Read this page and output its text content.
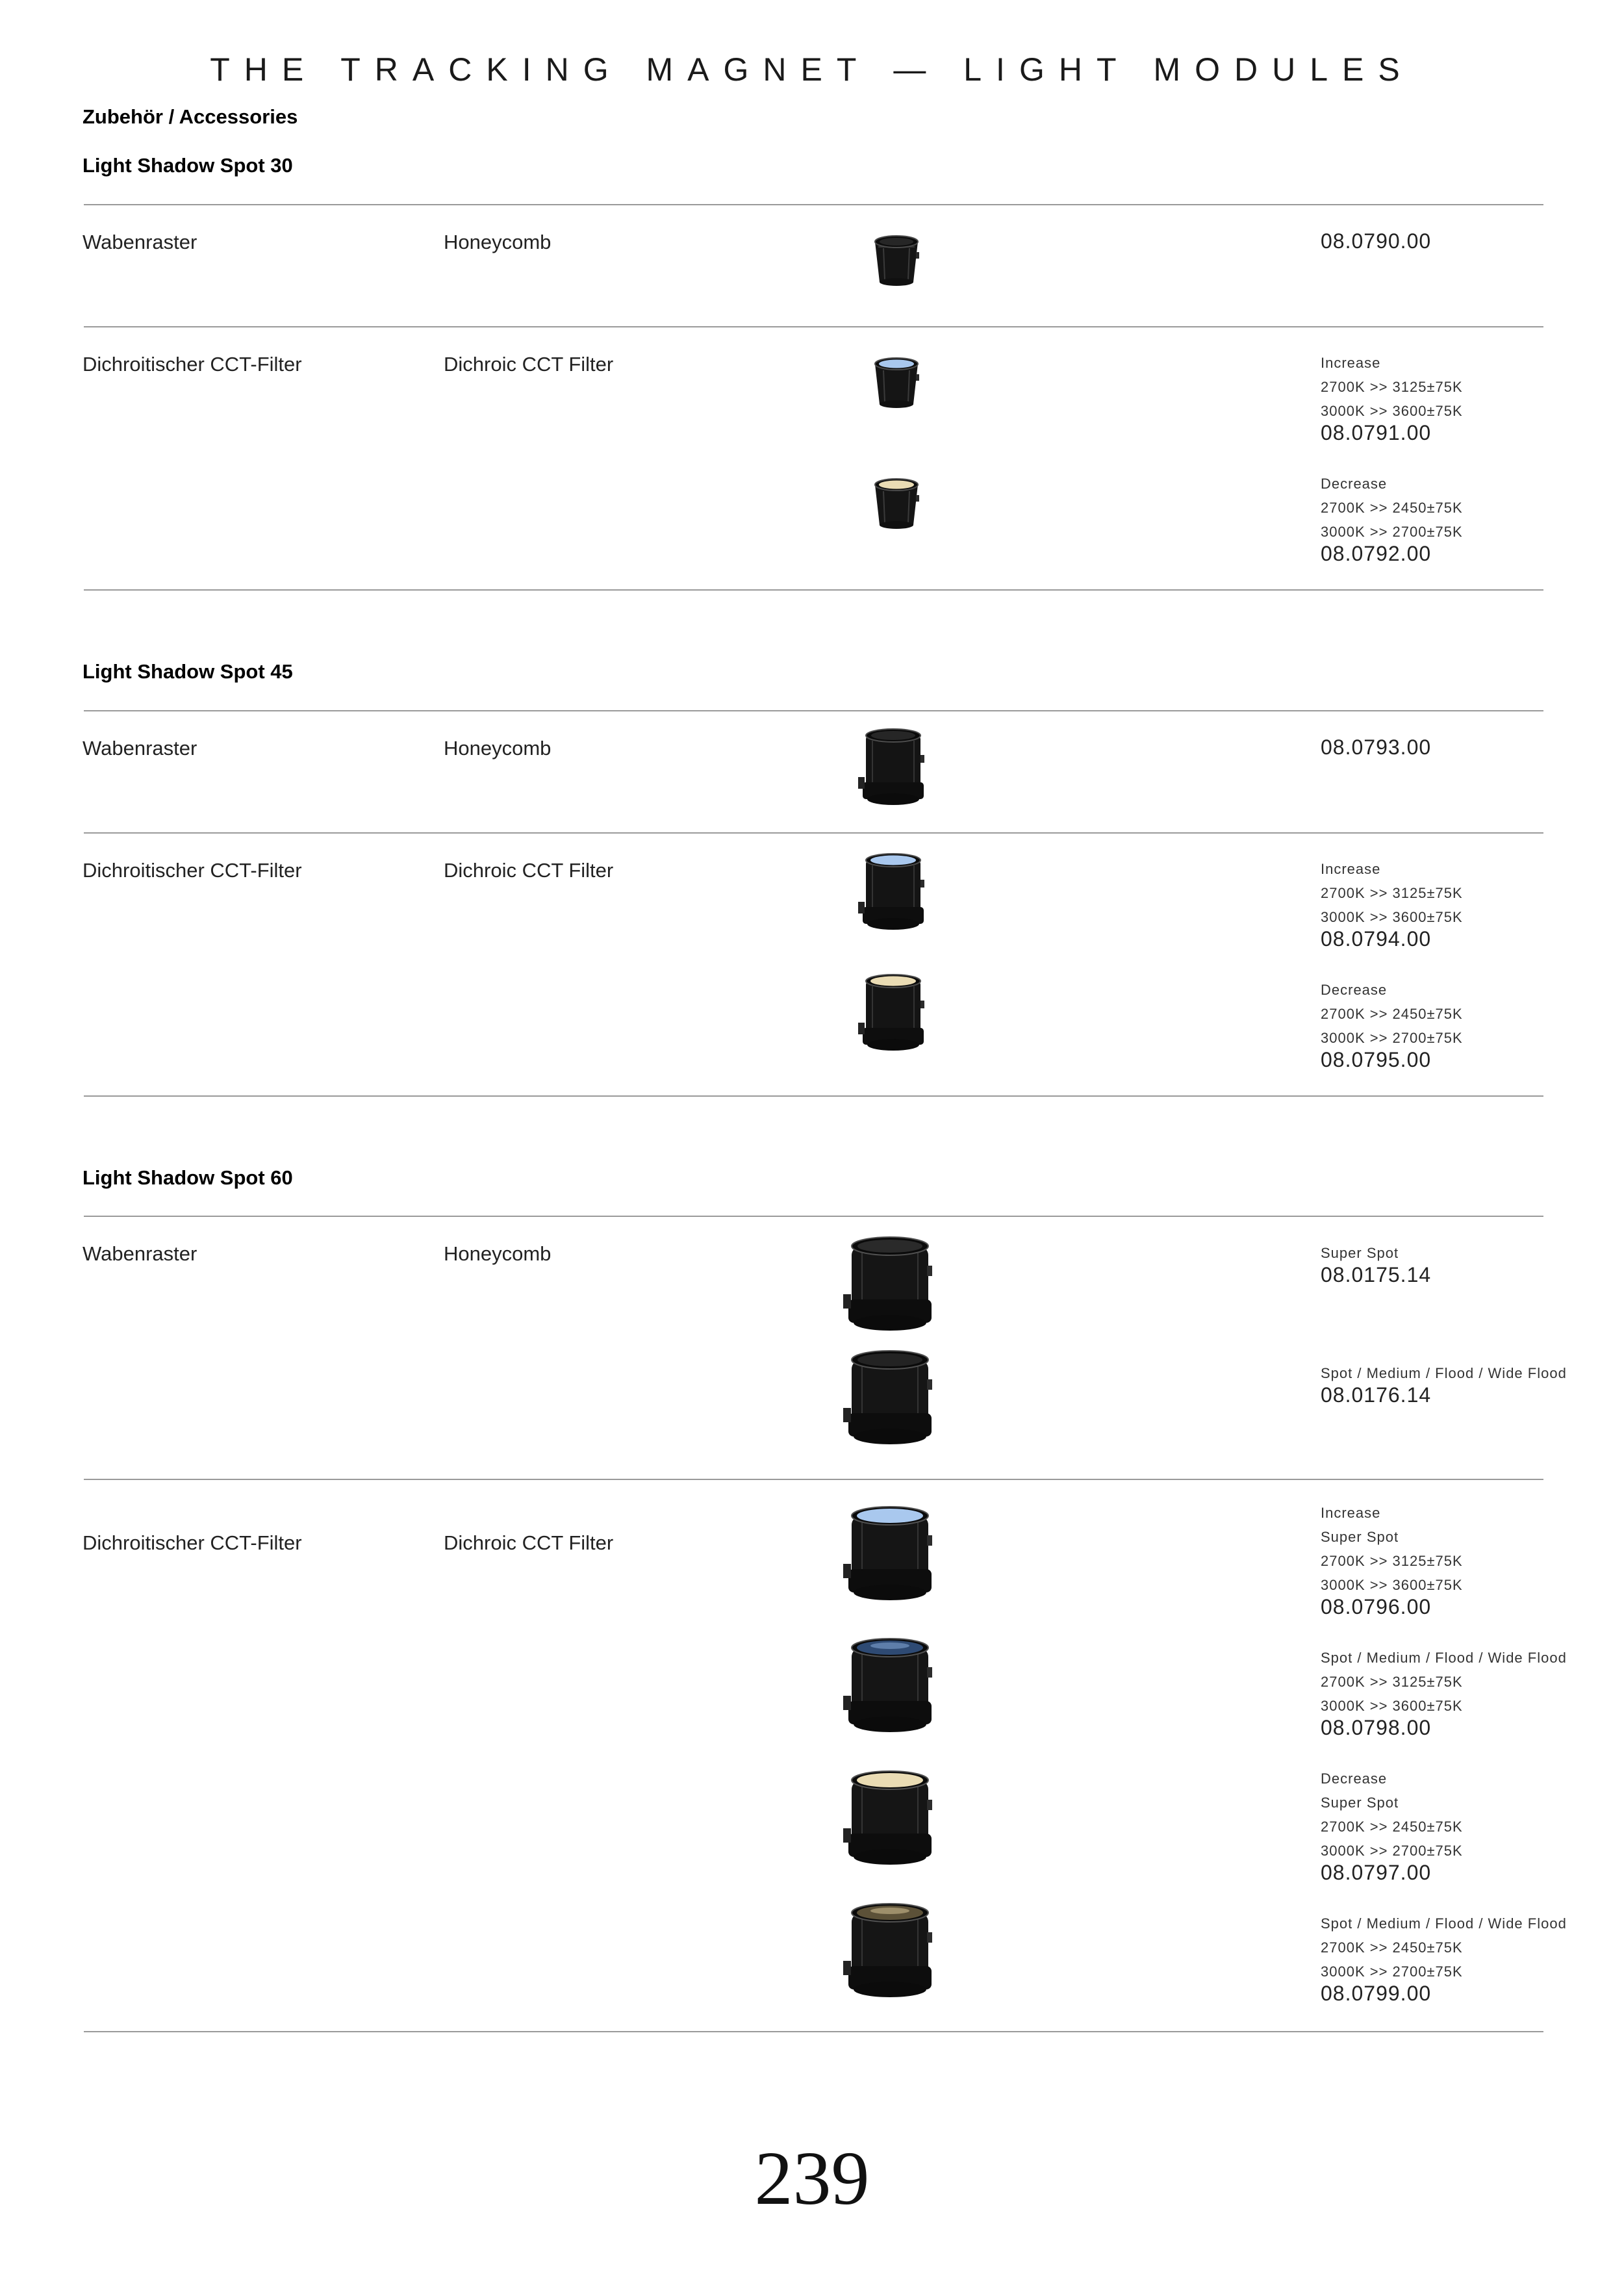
THE TRACKING MAGNET — LIGHT MODULES
Zubehör / Accessories
Light Shadow Spot 30
Wabenraster	Honeycomb	08.0790.00
Dichroitischer CCT-Filter	Dichroic CCT Filter	Increase
2700K >> 3125±75K
3000K >> 3600±75K
08.0791.00
Decrease
2700K >> 2450±75K
3000K >> 2700±75K
08.0792.00
Light Shadow Spot 45
Wabenraster	Honeycomb	08.0793.00
Dichroitischer CCT-Filter	Dichroic CCT Filter	Increase
2700K >> 3125±75K
3000K >> 3600±75K
08.0794.00
Decrease
2700K >> 2450±75K
3000K >> 2700±75K
08.0795.00
Light Shadow Spot 60
Wabenraster	Honeycomb	Super Spot
08.0175.14
Spot / Medium / Flood / Wide Flood
08.0176.14
Dichroitischer CCT-Filter	Dichroic CCT Filter
Increase
Super Spot
2700K >> 3125±75K
3000K >> 3600±75K
08.0796.00
Spot / Medium / Flood / Wide Flood
2700K >> 3125±75K
3000K >> 3600±75K
08.0798.00
Decrease
Super Spot
2700K >> 2450±75K
3000K >> 2700±75K
08.0797.00
Spot / Medium / Flood / Wide Flood
2700K >> 2450±75K
3000K >> 2700±75K
08.0799.00
239
